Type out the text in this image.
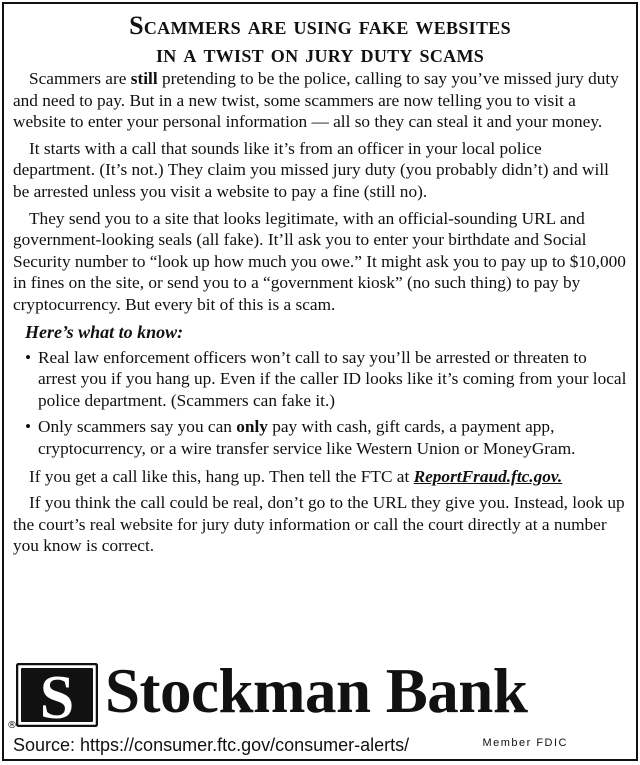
Scammers are using fake websites
in a twist on jury duty scams

Scammers are still pretending to be the police, calling to say you’ve missed jury duty and need to pay. But in a new twist, some scammers are now telling you to visit a website to enter your personal information — all so they can steal it and your money.

It starts with a call that sounds like it’s from an officer in your local police department. (It’s not.) They claim you missed jury duty (you probably didn’t) and will be arrested unless you visit a website to pay a fine (still no).

They send you to a site that looks legitimate, with an official-sounding URL and government-looking seals (all fake). It’ll ask you to enter your birthdate and Social Security number to “look up how much you owe.” It might ask you to pay up to $10,000 in fines on the site, or send you to a “government kiosk” (no such thing) to pay by cryptocurrency. But every bit of this is a scam.

Here’s what to know:
• Real law enforcement officers won’t call to say you’ll be arrested or threaten to arrest you if you hang up. Even if the caller ID looks like it’s coming from your local police department. (Scammers can fake it.)
• Only scammers say you can only pay with cash, gift cards, a payment app, cryptocurrency, or a wire transfer service like Western Union or MoneyGram.

If you get a call like this, hang up. Then tell the FTC at ReportFraud.ftc.gov.

If you think the call could be real, don’t go to the URL they give you. Instead, look up the court’s real website for jury duty information or call the court directly at a number you know is correct.

S
® Stockman Bank
Source: https://consumer.ftc.gov/consumer-alerts/	Member FDIC
